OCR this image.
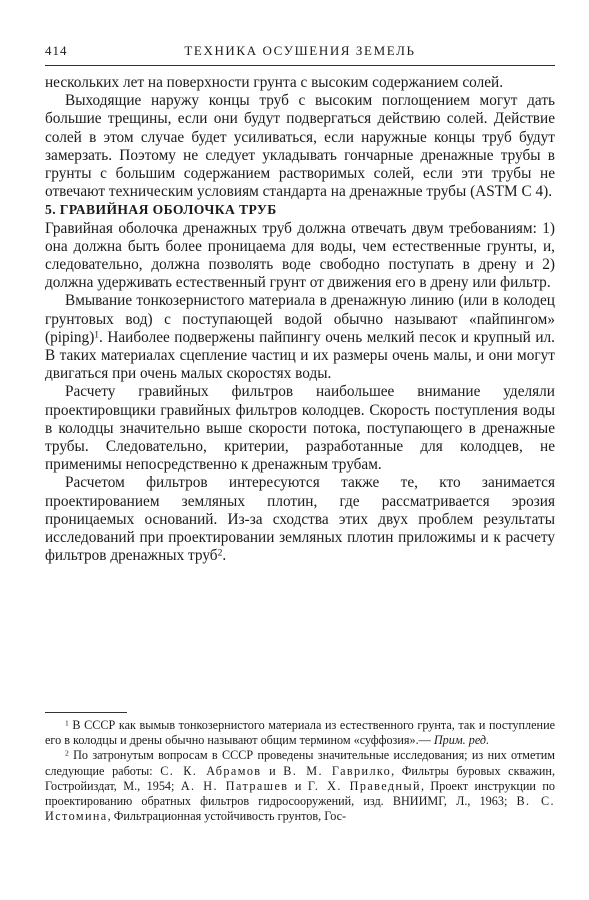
414	ТЕХНИКА ОСУШЕНИЯ ЗЕМЕЛЬ

нескольких лет на поверхности грунта с высоким содержанием солей.

Выходящие наружу концы труб с высоким поглощением могут дать большие трещины, если они будут подвергаться действию солей. Действие солей в этом случае будет усиливаться, если наружные концы труб будут замерзать. Поэтому не следует укладывать гончарные дренажные трубы в грунты с большим содержанием растворимых солей, если эти трубы не отвечают техническим условиям стандарта на дренажные трубы (ASTM C 4).

5. ГРАВИЙНАЯ ОБОЛОЧКА ТРУБ

Гравийная оболочка дренажных труб должна отвечать двум требованиям: 1) она должна быть более проницаема для воды, чем естественные грунты, и, следовательно, должна позволять воде свободно поступать в дрену и 2) должна удерживать естественный грунт от движения его в дрену или фильтр.

Вмывание тонкозернистого материала в дренажную линию (или в колодец грунтовых вод) с поступающей водой обычно называют «пайпингом» (piping)$^1$. Наиболее подвержены пайпингу очень мелкий песок и крупный ил. В таких материалах сцепление частиц и их размеры очень малы, и они могут двигаться при очень малых скоростях воды.

Расчету гравийных фильтров наибольшее внимание уделяли проектировщики гравийных фильтров колодцев. Скорость поступления воды в колодцы значительно выше скорости потока, поступающего в дренажные трубы. Следовательно, критерии, разработанные для колодцев, не применимы непосредственно к дренажным трубам.

Расчетом фильтров интересуются также те, кто занимается проектированием земляных плотин, где рассматривается эрозия проницаемых оснований. Из-за сходства этих двух проблем результаты исследований при проектировании земляных плотин приложимы и к расчету фильтров дренажных труб$^2$.

$^1$ В СССР как вымыв тонкозернистого материала из естественного грунта, так и поступление его в колодцы и дрены обычно называют общим термином «суффозия».— Прим. ред.

$^2$ По затронутым вопросам в СССР проведены значительные исследования; из них отметим следующие работы: С. К. Абрамов и В. М. Гаврилко, Фильтры буровых скважин, Гостройиздат, М., 1954; А. Н. Патрашев и Г. Х. Праведный, Проект инструкции по проектированию обратных фильтров гидросооружений, изд. ВНИИМГ, Л., 1963; В. С. Истомина, Фильтрационная устойчивость грунтов, Гос-
